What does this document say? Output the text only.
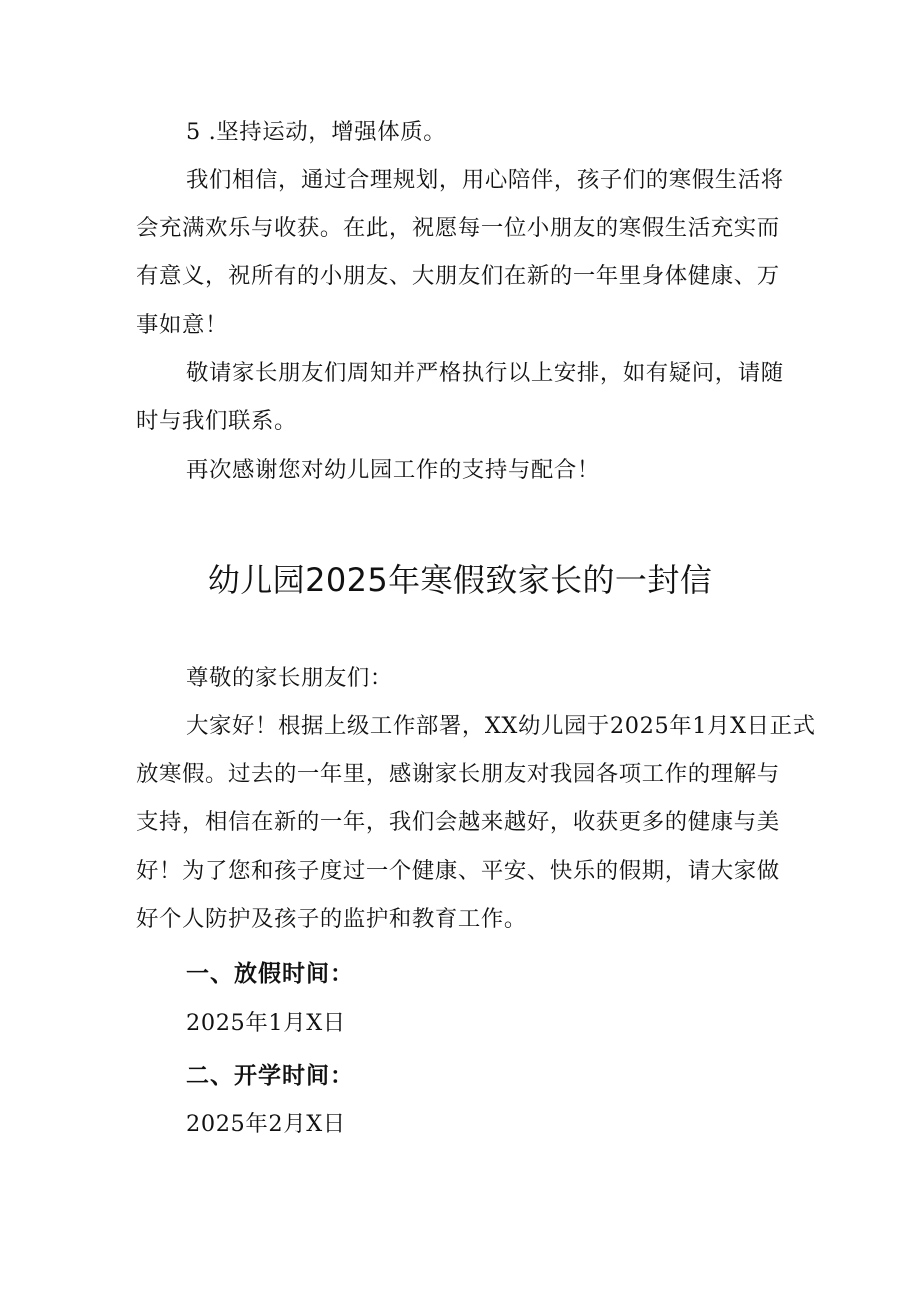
5 .坚持运动，增强体质。

我们相信，通过合理规划，用心陪伴，孩子们的寒假生活将

会充满欢乐与收获。在此，祝愿每一位小朋友的寒假生活充实而

有意义，祝所有的小朋友、大朋友们在新的一年里身体健康、万

事如意！

敬请家长朋友们周知并严格执行以上安排，如有疑问，请随

时与我们联系。

再次感谢您对幼儿园工作的支持与配合！

幼儿园2025年寒假致家长的一封信

尊敬的家长朋友们：

大家好！根据上级工作部署，XX幼儿园于2025年1月X日正式

放寒假。过去的一年里，感谢家长朋友对我园各项工作的理解与

支持，相信在新的一年，我们会越来越好，收获更多的健康与美

好！为了您和孩子度过一个健康、平安、快乐的假期，请大家做

好个人防护及孩子的监护和教育工作。

一、放假时间：

2025年1月X日

二、开学时间：

2025年2月X日
